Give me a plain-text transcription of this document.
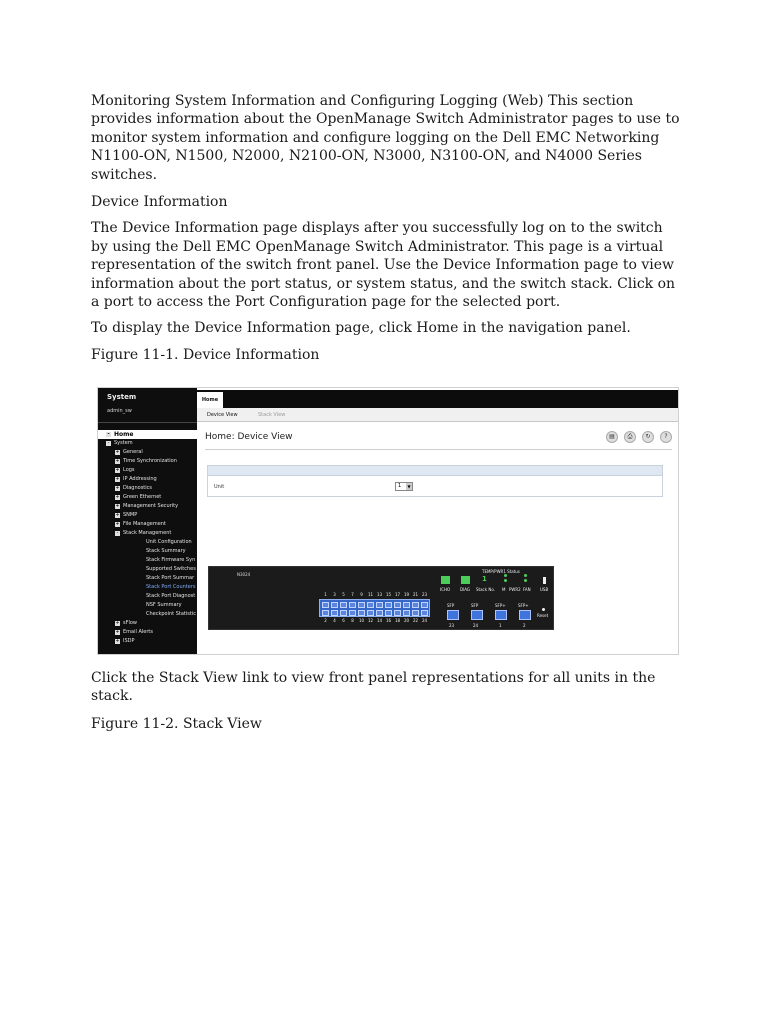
Monitoring System Information and Configuring Logging (Web) This section provides information about the OpenManage Switch Administrator pages to use to monitor system information and configure logging on the Dell EMC Networking N1100-ON, N1500, N2000, N2100-ON, N3000, N3100-ON, and N4000 Series switches.

Device Information

The Device Information page displays after you successfully log on to the switch by using the Dell EMC OpenManage Switch Administrator. This page is a virtual representation of the switch front panel. Use the Device Information page to view information about the port status, or system status, and the switch stack. Click on a port to access the Port Configuration page for the selected port.

To display the Device Information page, click Home in the navigation panel.

Figure 11-1. Device Information

System
admin_sw
- Home
- System
+ General
+ Time Synchronization
+ Logs
+ IP Addressing
+ Diagnostics
+ Green Ethernet
+ Management Security
+ SNMP
+ File Management
- Stack Management
Unit Configuration
Stack Summary
Stack Firmware Syn
Supported Switches
Stack Port Summar
Stack Port Counters
Stack Port Diagnost
NSF Summary
Checkpoint Statistic
+ sFlow
+ Email Alerts
+ ISDP
Home
Device View	Stack View
Home: Device View	▤ ⎙ ↻ ?
Unit	1	▼
N3024
1	3	5	7	9	11 13 15 17 19 21 23
2	4	6	8	10 12 14 16 18 20 22 24
TEMP/PWR1 Status
1
ICHO DIAG Stack No. M PWR2 FAN USB
SFP	SFP	SFP+	SFP+
23	24	1	2
Reset

Click the Stack View link to view front panel representations for all units in the stack.

Figure 11-2. Stack View
